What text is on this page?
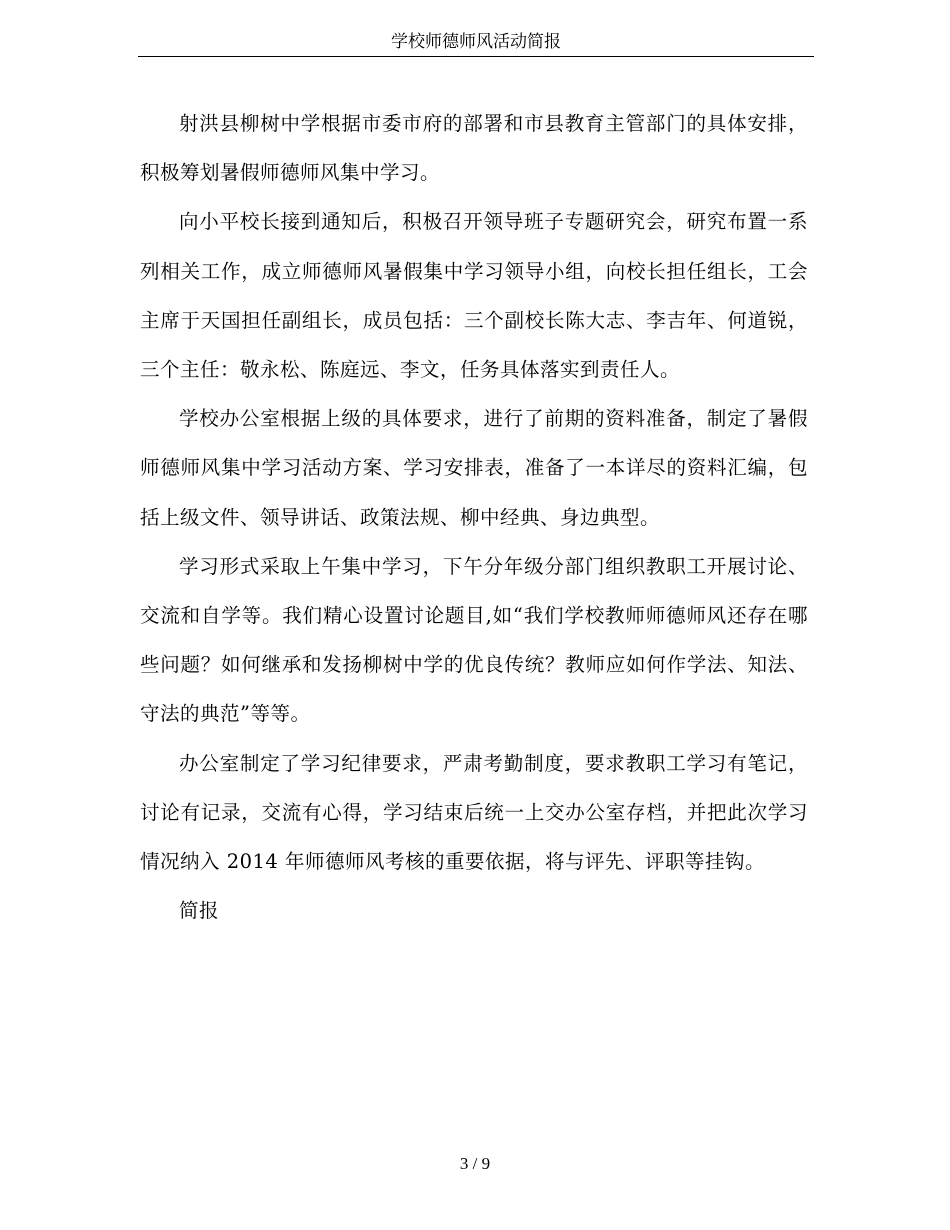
学校师德师风活动简报

射洪县柳树中学根据市委市府的部署和市县教育主管部门的具体安排，积极筹划暑假师德师风集中学习。

向小平校长接到通知后，积极召开领导班子专题研究会，研究布置一系列相关工作，成立师德师风暑假集中学习领导小组，向校长担任组长，工会主席于天国担任副组长，成员包括：三个副校长陈大志、李吉年、何道锐，三个主任：敬永松、陈庭远、李文，任务具体落实到责任人。

学校办公室根据上级的具体要求，进行了前期的资料准备，制定了暑假师德师风集中学习活动方案、学习安排表，准备了一本详尽的资料汇编，包括上级文件、领导讲话、政策法规、柳中经典、身边典型。

学习形式采取上午集中学习，下午分年级分部门组织教职工开展讨论、交流和自学等。我们精心设置讨论题目,如“我们学校教师师德师风还存在哪些问题？如何继承和发扬柳树中学的优良传统？教师应如何作学法、知法、守法的典范”等等。

办公室制定了学习纪律要求，严肃考勤制度，要求教职工学习有笔记，讨论有记录，交流有心得，学习结束后统一上交办公室存档，并把此次学习情况纳入 2014 年师德师风考核的重要依据，将与评先、评职等挂钩。

简报

3 / 9
